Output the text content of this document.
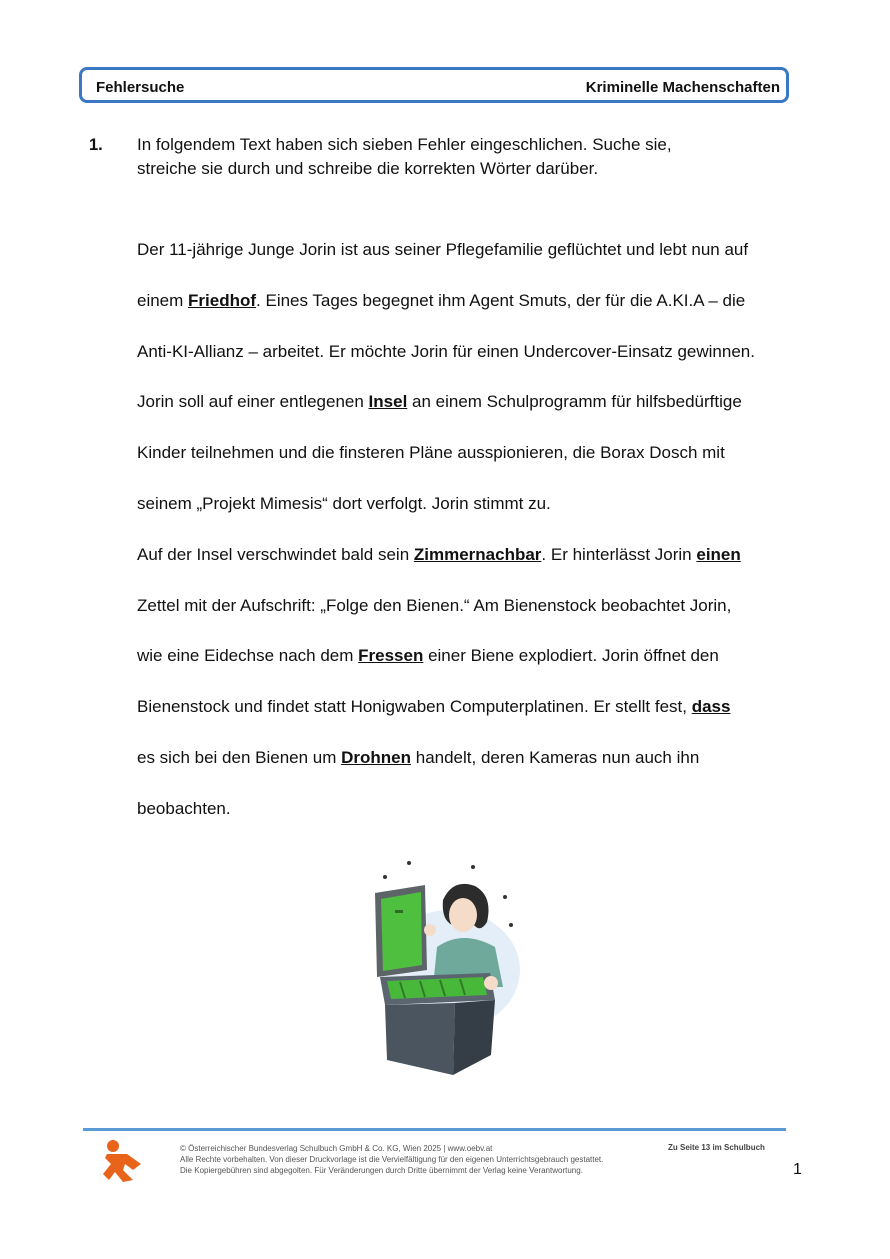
Fehlersuche	Kriminelle Machenschaften
1. In folgendem Text haben sich sieben Fehler eingeschlichen. Suche sie,
streiche sie durch und schreibe die korrekten Wörter darüber.
Der 11-jährige Junge Jorin ist aus seiner Pflegefamilie geflüchtet und lebt nun auf
einem Friedhof. Eines Tages begegnet ihm Agent Smuts, der für die A.KI.A – die
Anti-KI-Allianz – arbeitet. Er möchte Jorin für einen Undercover-Einsatz gewinnen.
Jorin soll auf einer entlegenen Insel an einem Schulprogramm für hilfsbedürftige
Kinder teilnehmen und die finsteren Pläne ausspionieren, die Borax Dosch mit
seinem „Projekt Mimesis“ dort verfolgt. Jorin stimmt zu.
Auf der Insel verschwindet bald sein Zimmernachbar. Er hinterlässt Jorin einen
Zettel mit der Aufschrift: „Folge den Bienen.“ Am Bienenstock beobachtet Jorin,
wie eine Eidechse nach dem Fressen einer Biene explodiert. Jorin öffnet den
Bienenstock und findet statt Honigwaben Computerplatinen. Er stellt fest, dass
es sich bei den Bienen um Drohnen handelt, deren Kameras nun auch ihn
beobachten.
© Österreichischer Bundesverlag Schulbuch GmbH & Co. KG, Wien 2025 | www.oebv.at
Alle Rechte vorbehalten. Von dieser Druckvorlage ist die Vervielfältigung für den eigenen Unterrichtsgebrauch gestattet.
Die Kopiergebühren sind abgegolten. Für Veränderungen durch Dritte übernimmt der Verlag keine Verantwortung.
Zu Seite 13 im Schulbuch
1
